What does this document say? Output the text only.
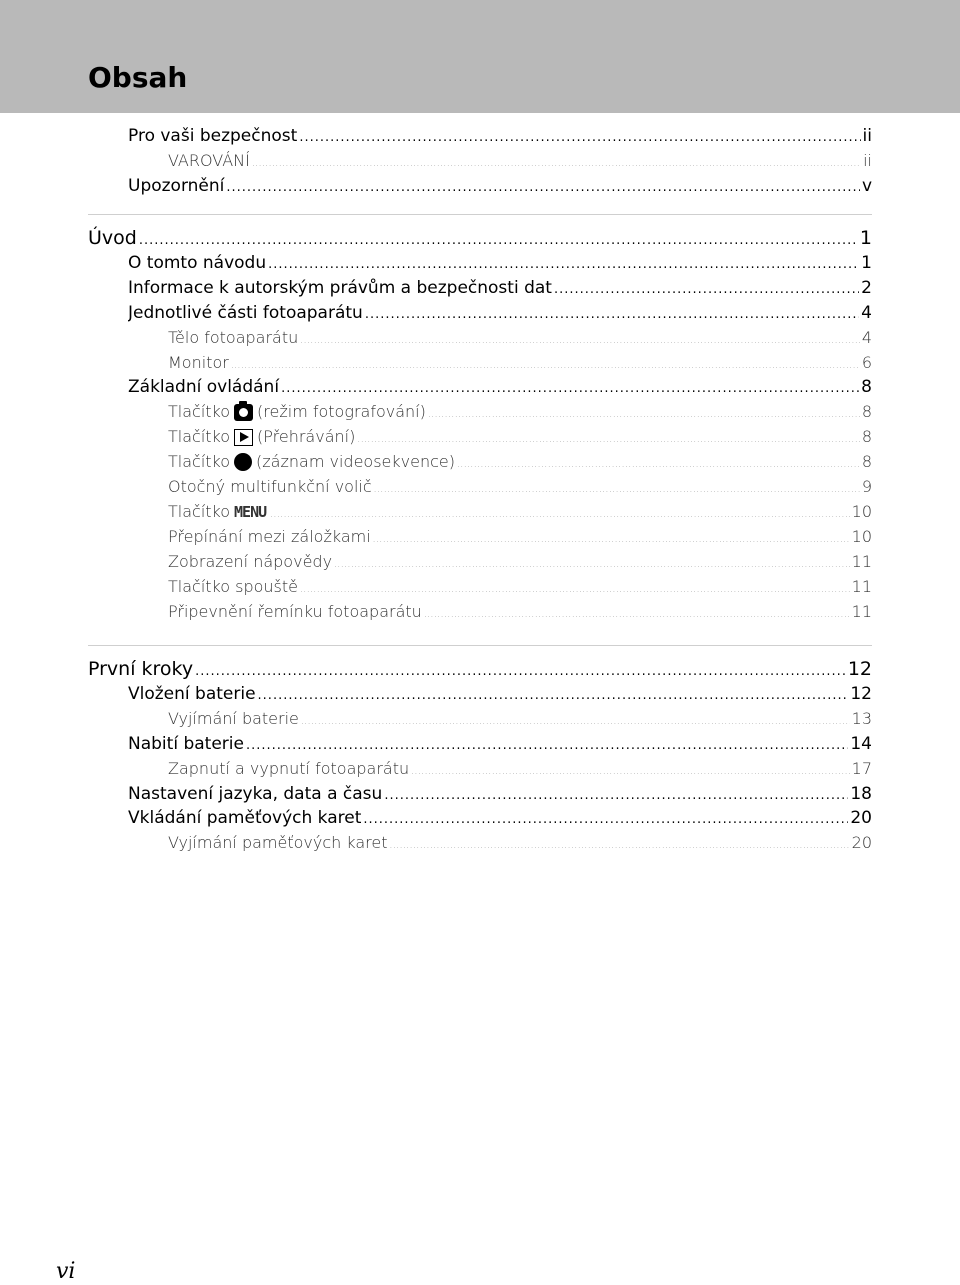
Obsah
Pro vaši bezpečnost .....	ii
VAROVÁNÍ .....	ii
Upozornění .....	v
Úvod .....	1
O tomto návodu .....	1
Informace k autorským právům a bezpečnosti dat .....	2
Jednotlivé části fotoaparátu .....	4
Tělo fotoaparátu .....	4
Monitor .....	6
Základní ovládání .....	8
Tlačítko (režim fotografování) .....	8
Tlačítko (Přehrávání) .....	8
Tlačítko (záznam videosekvence) .....	8
Otočný multifunkční volič .....	9
Tlačítko MENU .....	10
Přepínání mezi záložkami .....	10
Zobrazení nápovědy .....	11
Tlačítko spouště .....	11
Připevnění řemínku fotoaparátu .....	11
První kroky .....	12
Vložení baterie .....	12
Vyjímání baterie .....	13
Nabití baterie .....	14
Zapnutí a vypnutí fotoaparátu .....	17
Nastavení jazyka, data a času .....	18
Vkládání paměťových karet .....	20
Vyjímání paměťových karet .....	20
vi
